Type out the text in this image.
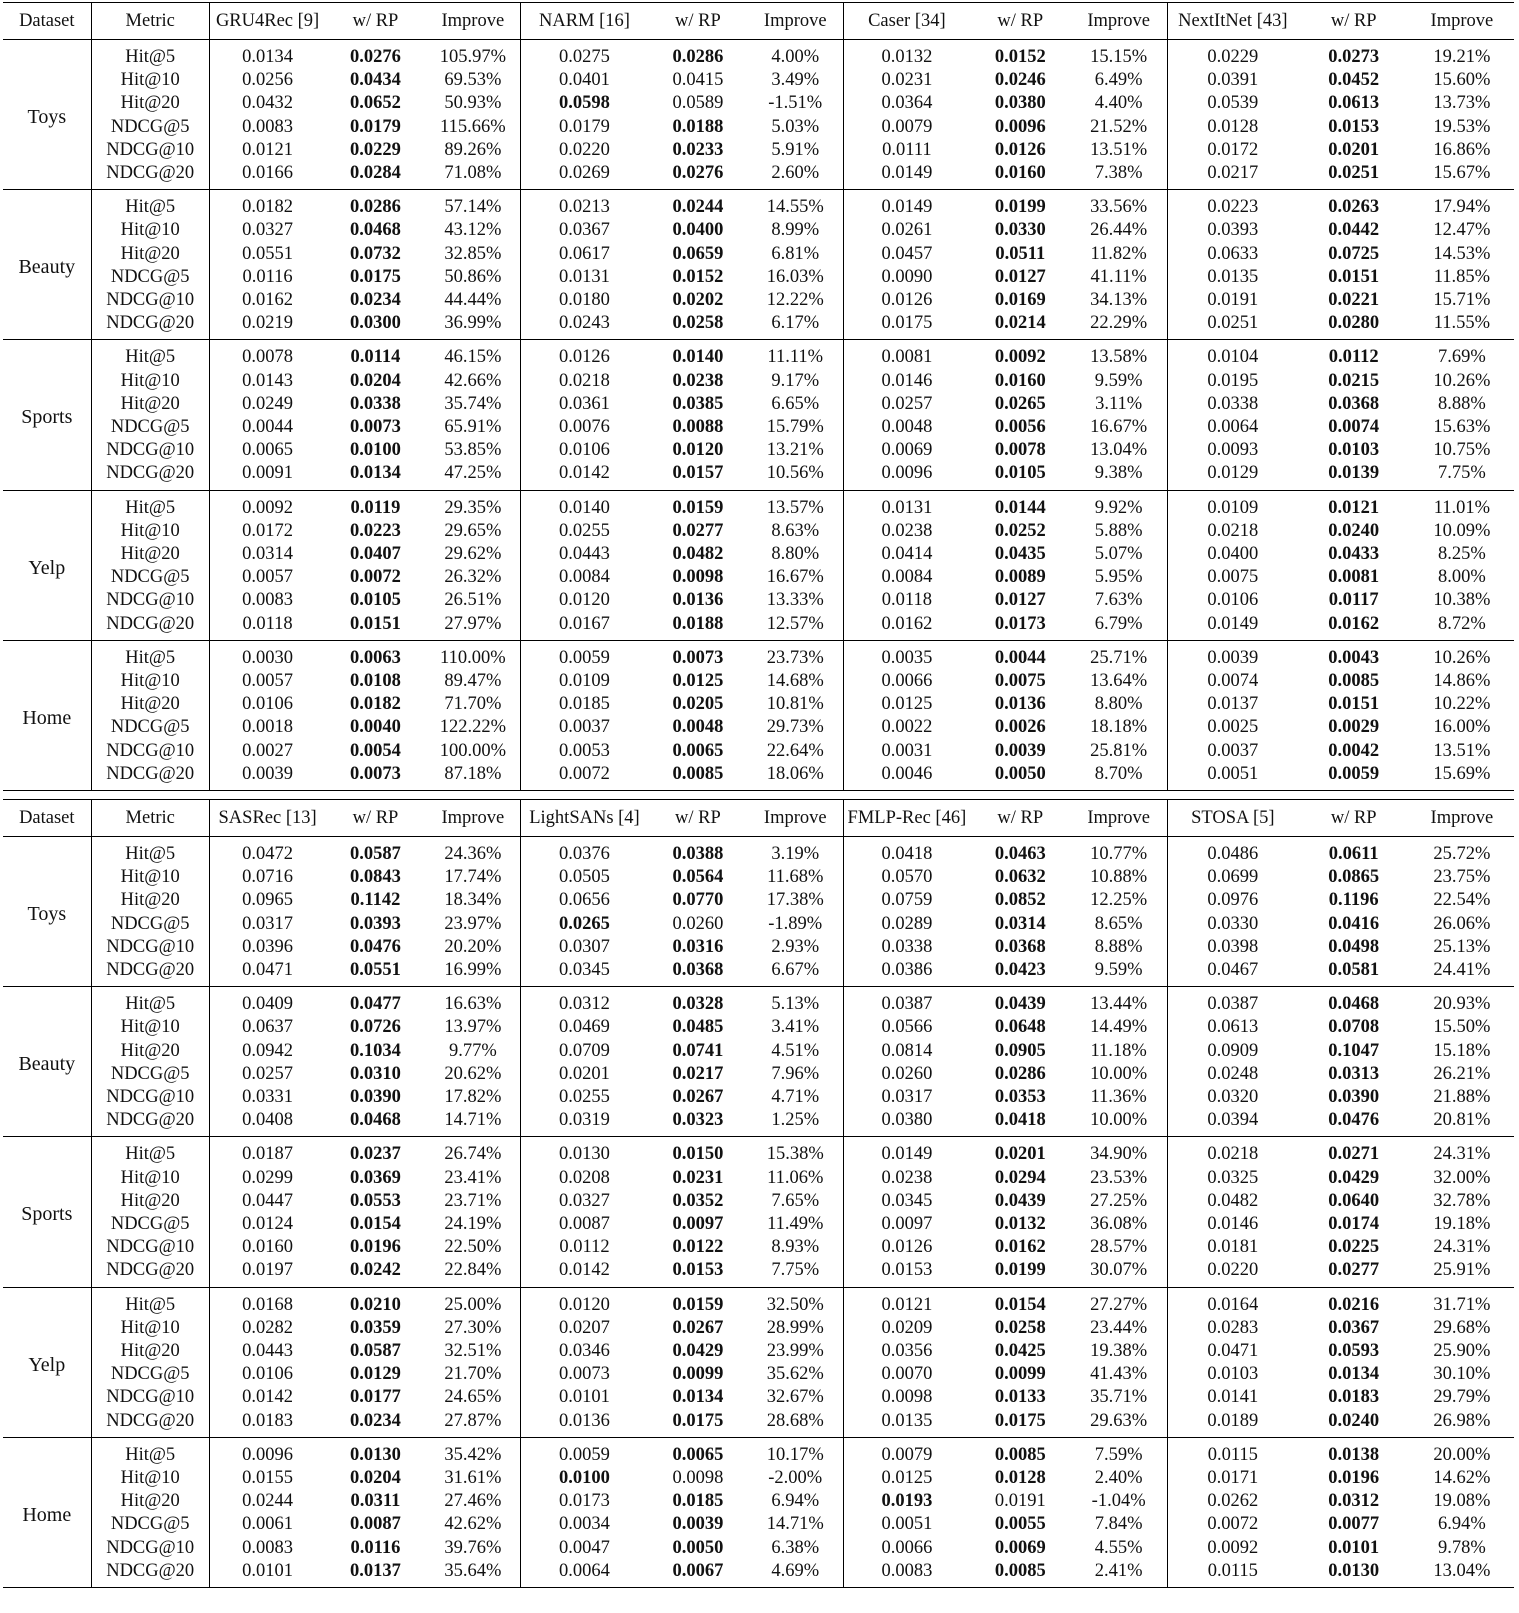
Dataset	Metric	GRU4Rec [9]	w/ RP	Improve	NARM [16]	w/ RP	Improve	Caser [34]	w/ RP	Improve	NextItNet [43]	w/ RP	Improve
Toys	Hit@5	0.0134	0.0276	105.97%	0.0275	0.0286	4.00%	0.0132	0.0152	15.15%	0.0229	0.0273	19.21%
	Hit@10	0.0256	0.0434	69.53%	0.0401	0.0415	3.49%	0.0231	0.0246	6.49%	0.0391	0.0452	15.60%
	Hit@20	0.0432	0.0652	50.93%	0.0598	0.0589	-1.51%	0.0364	0.0380	4.40%	0.0539	0.0613	13.73%
	NDCG@5	0.0083	0.0179	115.66%	0.0179	0.0188	5.03%	0.0079	0.0096	21.52%	0.0128	0.0153	19.53%
	NDCG@10	0.0121	0.0229	89.26%	0.0220	0.0233	5.91%	0.0111	0.0126	13.51%	0.0172	0.0201	16.86%
	NDCG@20	0.0166	0.0284	71.08%	0.0269	0.0276	2.60%	0.0149	0.0160	7.38%	0.0217	0.0251	15.67%
Beauty	Hit@5	0.0182	0.0286	57.14%	0.0213	0.0244	14.55%	0.0149	0.0199	33.56%	0.0223	0.0263	17.94%
	Hit@10	0.0327	0.0468	43.12%	0.0367	0.0400	8.99%	0.0261	0.0330	26.44%	0.0393	0.0442	12.47%
	Hit@20	0.0551	0.0732	32.85%	0.0617	0.0659	6.81%	0.0457	0.0511	11.82%	0.0633	0.0725	14.53%
	NDCG@5	0.0116	0.0175	50.86%	0.0131	0.0152	16.03%	0.0090	0.0127	41.11%	0.0135	0.0151	11.85%
	NDCG@10	0.0162	0.0234	44.44%	0.0180	0.0202	12.22%	0.0126	0.0169	34.13%	0.0191	0.0221	15.71%
	NDCG@20	0.0219	0.0300	36.99%	0.0243	0.0258	6.17%	0.0175	0.0214	22.29%	0.0251	0.0280	11.55%
Sports	Hit@5	0.0078	0.0114	46.15%	0.0126	0.0140	11.11%	0.0081	0.0092	13.58%	0.0104	0.0112	7.69%
	Hit@10	0.0143	0.0204	42.66%	0.0218	0.0238	9.17%	0.0146	0.0160	9.59%	0.0195	0.0215	10.26%
	Hit@20	0.0249	0.0338	35.74%	0.0361	0.0385	6.65%	0.0257	0.0265	3.11%	0.0338	0.0368	8.88%
	NDCG@5	0.0044	0.0073	65.91%	0.0076	0.0088	15.79%	0.0048	0.0056	16.67%	0.0064	0.0074	15.63%
	NDCG@10	0.0065	0.0100	53.85%	0.0106	0.0120	13.21%	0.0069	0.0078	13.04%	0.0093	0.0103	10.75%
	NDCG@20	0.0091	0.0134	47.25%	0.0142	0.0157	10.56%	0.0096	0.0105	9.38%	0.0129	0.0139	7.75%
Yelp	Hit@5	0.0092	0.0119	29.35%	0.0140	0.0159	13.57%	0.0131	0.0144	9.92%	0.0109	0.0121	11.01%
	Hit@10	0.0172	0.0223	29.65%	0.0255	0.0277	8.63%	0.0238	0.0252	5.88%	0.0218	0.0240	10.09%
	Hit@20	0.0314	0.0407	29.62%	0.0443	0.0482	8.80%	0.0414	0.0435	5.07%	0.0400	0.0433	8.25%
	NDCG@5	0.0057	0.0072	26.32%	0.0084	0.0098	16.67%	0.0084	0.0089	5.95%	0.0075	0.0081	8.00%
	NDCG@10	0.0083	0.0105	26.51%	0.0120	0.0136	13.33%	0.0118	0.0127	7.63%	0.0106	0.0117	10.38%
	NDCG@20	0.0118	0.0151	27.97%	0.0167	0.0188	12.57%	0.0162	0.0173	6.79%	0.0149	0.0162	8.72%
Home	Hit@5	0.0030	0.0063	110.00%	0.0059	0.0073	23.73%	0.0035	0.0044	25.71%	0.0039	0.0043	10.26%
	Hit@10	0.0057	0.0108	89.47%	0.0109	0.0125	14.68%	0.0066	0.0075	13.64%	0.0074	0.0085	14.86%
	Hit@20	0.0106	0.0182	71.70%	0.0185	0.0205	10.81%	0.0125	0.0136	8.80%	0.0137	0.0151	10.22%
	NDCG@5	0.0018	0.0040	122.22%	0.0037	0.0048	29.73%	0.0022	0.0026	18.18%	0.0025	0.0029	16.00%
	NDCG@10	0.0027	0.0054	100.00%	0.0053	0.0065	22.64%	0.0031	0.0039	25.81%	0.0037	0.0042	13.51%
	NDCG@20	0.0039	0.0073	87.18%	0.0072	0.0085	18.06%	0.0046	0.0050	8.70%	0.0051	0.0059	15.69%
Dataset	Metric	SASRec [13]	w/ RP	Improve	LightSANs [4]	w/ RP	Improve	FMLP-Rec [46]	w/ RP	Improve	STOSA [5]	w/ RP	Improve
Toys	Hit@5	0.0472	0.0587	24.36%	0.0376	0.0388	3.19%	0.0418	0.0463	10.77%	0.0486	0.0611	25.72%
	Hit@10	0.0716	0.0843	17.74%	0.0505	0.0564	11.68%	0.0570	0.0632	10.88%	0.0699	0.0865	23.75%
	Hit@20	0.0965	0.1142	18.34%	0.0656	0.0770	17.38%	0.0759	0.0852	12.25%	0.0976	0.1196	22.54%
	NDCG@5	0.0317	0.0393	23.97%	0.0265	0.0260	-1.89%	0.0289	0.0314	8.65%	0.0330	0.0416	26.06%
	NDCG@10	0.0396	0.0476	20.20%	0.0307	0.0316	2.93%	0.0338	0.0368	8.88%	0.0398	0.0498	25.13%
	NDCG@20	0.0471	0.0551	16.99%	0.0345	0.0368	6.67%	0.0386	0.0423	9.59%	0.0467	0.0581	24.41%
Beauty	Hit@5	0.0409	0.0477	16.63%	0.0312	0.0328	5.13%	0.0387	0.0439	13.44%	0.0387	0.0468	20.93%
	Hit@10	0.0637	0.0726	13.97%	0.0469	0.0485	3.41%	0.0566	0.0648	14.49%	0.0613	0.0708	15.50%
	Hit@20	0.0942	0.1034	9.77%	0.0709	0.0741	4.51%	0.0814	0.0905	11.18%	0.0909	0.1047	15.18%
	NDCG@5	0.0257	0.0310	20.62%	0.0201	0.0217	7.96%	0.0260	0.0286	10.00%	0.0248	0.0313	26.21%
	NDCG@10	0.0331	0.0390	17.82%	0.0255	0.0267	4.71%	0.0317	0.0353	11.36%	0.0320	0.0390	21.88%
	NDCG@20	0.0408	0.0468	14.71%	0.0319	0.0323	1.25%	0.0380	0.0418	10.00%	0.0394	0.0476	20.81%
Sports	Hit@5	0.0187	0.0237	26.74%	0.0130	0.0150	15.38%	0.0149	0.0201	34.90%	0.0218	0.0271	24.31%
	Hit@10	0.0299	0.0369	23.41%	0.0208	0.0231	11.06%	0.0238	0.0294	23.53%	0.0325	0.0429	32.00%
	Hit@20	0.0447	0.0553	23.71%	0.0327	0.0352	7.65%	0.0345	0.0439	27.25%	0.0482	0.0640	32.78%
	NDCG@5	0.0124	0.0154	24.19%	0.0087	0.0097	11.49%	0.0097	0.0132	36.08%	0.0146	0.0174	19.18%
	NDCG@10	0.0160	0.0196	22.50%	0.0112	0.0122	8.93%	0.0126	0.0162	28.57%	0.0181	0.0225	24.31%
	NDCG@20	0.0197	0.0242	22.84%	0.0142	0.0153	7.75%	0.0153	0.0199	30.07%	0.0220	0.0277	25.91%
Yelp	Hit@5	0.0168	0.0210	25.00%	0.0120	0.0159	32.50%	0.0121	0.0154	27.27%	0.0164	0.0216	31.71%
	Hit@10	0.0282	0.0359	27.30%	0.0207	0.0267	28.99%	0.0209	0.0258	23.44%	0.0283	0.0367	29.68%
	Hit@20	0.0443	0.0587	32.51%	0.0346	0.0429	23.99%	0.0356	0.0425	19.38%	0.0471	0.0593	25.90%
	NDCG@5	0.0106	0.0129	21.70%	0.0073	0.0099	35.62%	0.0070	0.0099	41.43%	0.0103	0.0134	30.10%
	NDCG@10	0.0142	0.0177	24.65%	0.0101	0.0134	32.67%	0.0098	0.0133	35.71%	0.0141	0.0183	29.79%
	NDCG@20	0.0183	0.0234	27.87%	0.0136	0.0175	28.68%	0.0135	0.0175	29.63%	0.0189	0.0240	26.98%
Home	Hit@5	0.0096	0.0130	35.42%	0.0059	0.0065	10.17%	0.0079	0.0085	7.59%	0.0115	0.0138	20.00%
	Hit@10	0.0155	0.0204	31.61%	0.0100	0.0098	-2.00%	0.0125	0.0128	2.40%	0.0171	0.0196	14.62%
	Hit@20	0.0244	0.0311	27.46%	0.0173	0.0185	6.94%	0.0193	0.0191	-1.04%	0.0262	0.0312	19.08%
	NDCG@5	0.0061	0.0087	42.62%	0.0034	0.0039	14.71%	0.0051	0.0055	7.84%	0.0072	0.0077	6.94%
	NDCG@10	0.0083	0.0116	39.76%	0.0047	0.0050	6.38%	0.0066	0.0069	4.55%	0.0092	0.0101	9.78%
	NDCG@20	0.0101	0.0137	35.64%	0.0064	0.0067	4.69%	0.0083	0.0085	2.41%	0.0115	0.0130	13.04%
